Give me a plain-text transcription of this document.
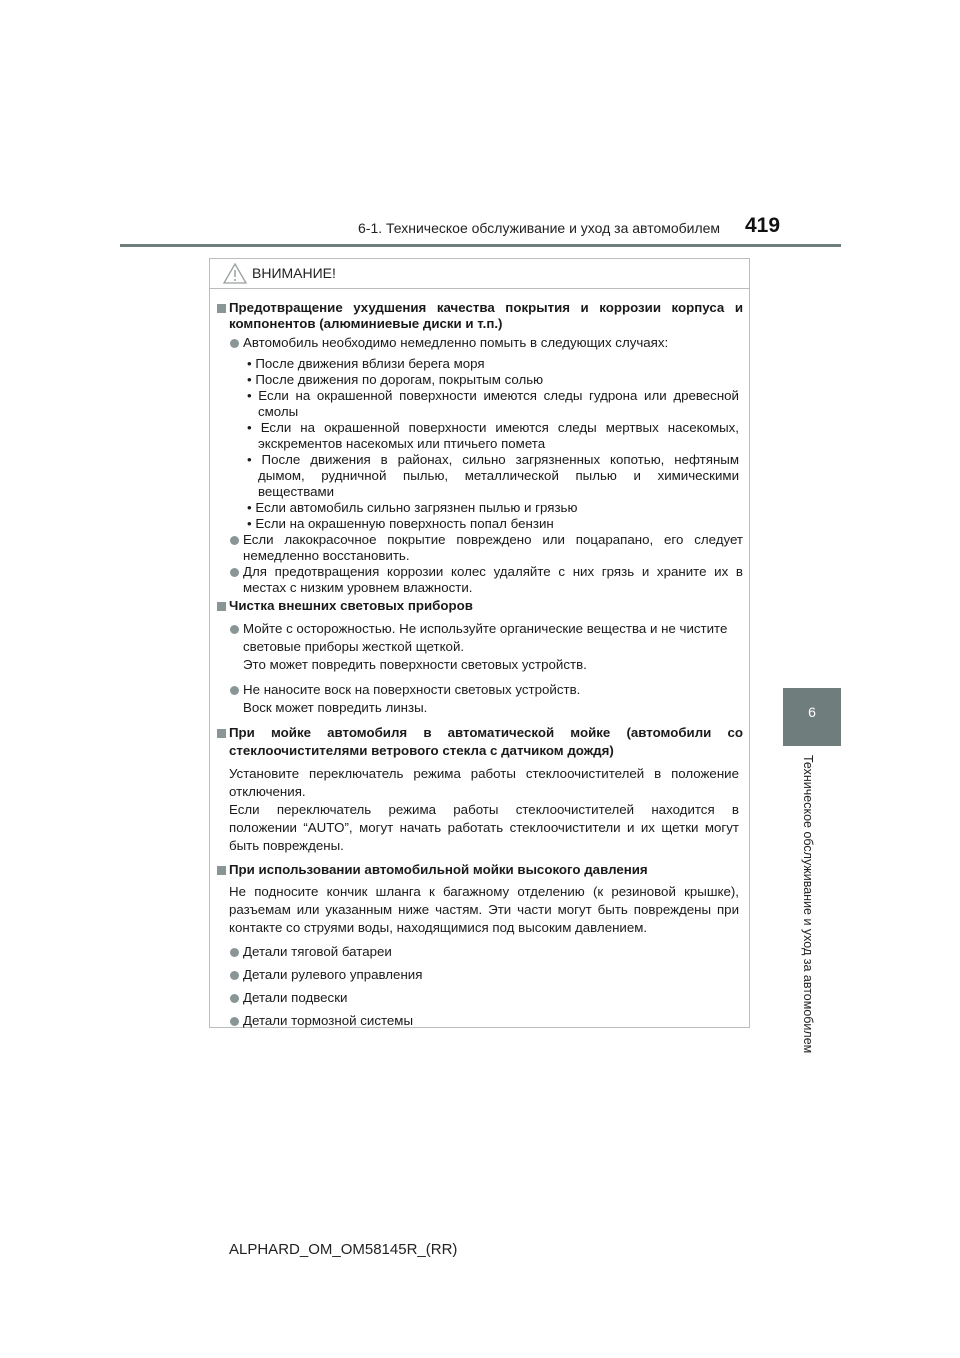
6-1. Техническое обслуживание и уход за автомобилем 419
6
Техническое обслуживание и уход за автомобилем
ВНИМАНИЕ!
Предотвращение ухудшения качества покрытия и коррозии корпуса и
компонентов (алюминиевые диски и т.п.)
Автомобиль необходимо немедленно помыть в следующих случаях:
• После движения вблизи берега моря
• После движения по дорогам, покрытым солью
• Если на окрашенной поверхности имеются следы гудрона или древесной
смолы
• Если на окрашенной поверхности имеются следы мертвых насекомых,
экскрементов насекомых или птичьего помета
• После движения в районах, сильно загрязненных копотью, нефтяным
дымом, рудничной пылью, металлической пылью и химическими
веществами
• Если автомобиль сильно загрязнен пылью и грязью
• Если на окрашенную поверхность попал бензин
Если лакокрасочное покрытие повреждено или поцарапано, его следует
немедленно восстановить.
Для предотвращения коррозии колес удаляйте с них грязь и храните их в
местах с низким уровнем влажности.
Чистка внешних световых приборов
Мойте с осторожностью. Не используйте органические вещества и не чистите
световые приборы жесткой щеткой.
Это может повредить поверхности световых устройств.
Не наносите воск на поверхности световых устройств.
Воск может повредить линзы.
При мойке автомобиля в автоматической мойке (автомобили со
стеклоочистителями ветрового стекла с датчиком дождя)
Установите переключатель режима работы стеклоочистителей в положение
отключения.
Если переключатель режима работы стеклоочистителей находится в
положении “AUTO”, могут начать работать стеклоочистители и их щетки могут
быть повреждены.
При использовании автомобильной мойки высокого давления
Не подносите кончик шланга к багажному отделению (к резиновой крышке),
разъемам или указанным ниже частям. Эти части могут быть повреждены при
контакте со струями воды, находящимися под высоким давлением.
Детали тяговой батареи
Детали рулевого управления
Детали подвески
Детали тормозной системы
ALPHARD_OM_OM58145R_(RR)
